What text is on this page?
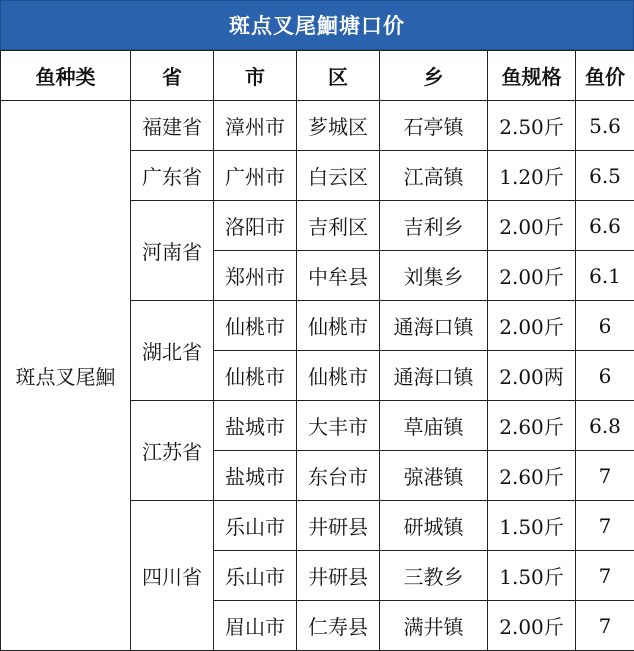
斑点叉尾鮰塘口价
鱼种类	省	市	区	乡	鱼规格	鱼价
斑点叉尾鮰	福建省	漳州市	芗城区	石亭镇	2.50斤	5.6
	广东省	广州市	白云区	江高镇	1.20斤	6.5
	河南省	洛阳市	吉利区	吉利乡	2.00斤	6.6
		郑州市	中牟县	刘集乡	2.00斤	6.1
	湖北省	仙桃市	仙桃市	通海口镇	2.00斤	6
		仙桃市	仙桃市	通海口镇	2.00两	6
	江苏省	盐城市	大丰市	草庙镇	2.60斤	6.8
		盐城市	东台市	弶港镇	2.60斤	7
	四川省	乐山市	井研县	研城镇	1.50斤	7
		乐山市	井研县	三教乡	1.50斤	7
		眉山市	仁寿县	满井镇	2.00斤	7
